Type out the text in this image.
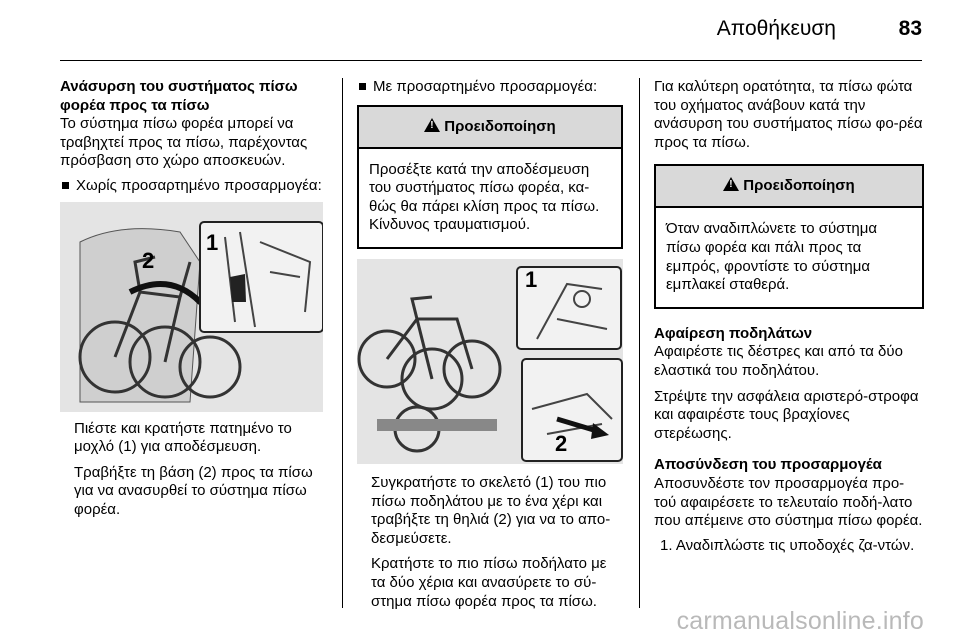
Αποθήκευση	83
Ανάσυρση του συστήματος πίσω φορέα προς τα πίσω

Το σύστημα πίσω φορέα μπορεί να τραβηχτεί προς τα πίσω, παρέχοντας πρόσβαση στο χώρο αποσκευών.

Χωρίς προσαρτημένο προσαρμογέα:
1
2

Πιέστε και κρατήστε πατημένο το μοχλό (1) για αποδέσμευση.

Τραβήξτε τη βάση (2) προς τα πίσω για να ανασυρθεί το σύστημα πίσω φορέα.

Με προσαρτημένο προσαρμογέα:
!Προειδοποίηση
Προσέξτε κατά την αποδέσμευση του συστήματος πίσω φορέα, κα-θώς θα πάρει κλίση προς τα πίσω. Κίνδυνος τραυματισμού.
1
2

Συγκρατήστε το σκελετό (1) του πιο πίσω ποδηλάτου με το ένα χέρι και τραβήξτε τη θηλιά (2) για να το απο-δεσμεύσετε.

Κρατήστε το πιο πίσω ποδήλατο με τα δύο χέρια και ανασύρετε το σύ-στημα πίσω φορέα προς τα πίσω.

Για καλύτερη ορατότητα, τα πίσω φώτα του οχήματος ανάβουν κατά την ανάσυρση του συστήματος πίσω φο-ρέα προς τα πίσω.

!Προειδοποίηση
Όταν αναδιπλώνετε το σύστημα πίσω φορέα και πάλι προς τα εμπρός, φροντίστε το σύστημα εμπλακεί σταθερά.
Αφαίρεση ποδηλάτων

Αφαιρέστε τις δέστρες και από τα δύο ελαστικά του ποδηλάτου.

Στρέψτε την ασφάλεια αριστερό-στροφα και αφαιρέστε τους βραχίονες στερέωσης.

Αποσύνδεση του προσαρμογέα

Αποσυνδέστε τον προσαρμογέα προ-τού αφαιρέσετε το τελευταίο ποδή-λατο που απέμεινε στο σύστημα πίσω φορέα.

1. Αναδιπλώστε τις υποδοχές ζα-ντών.

carmanualsonline.info
